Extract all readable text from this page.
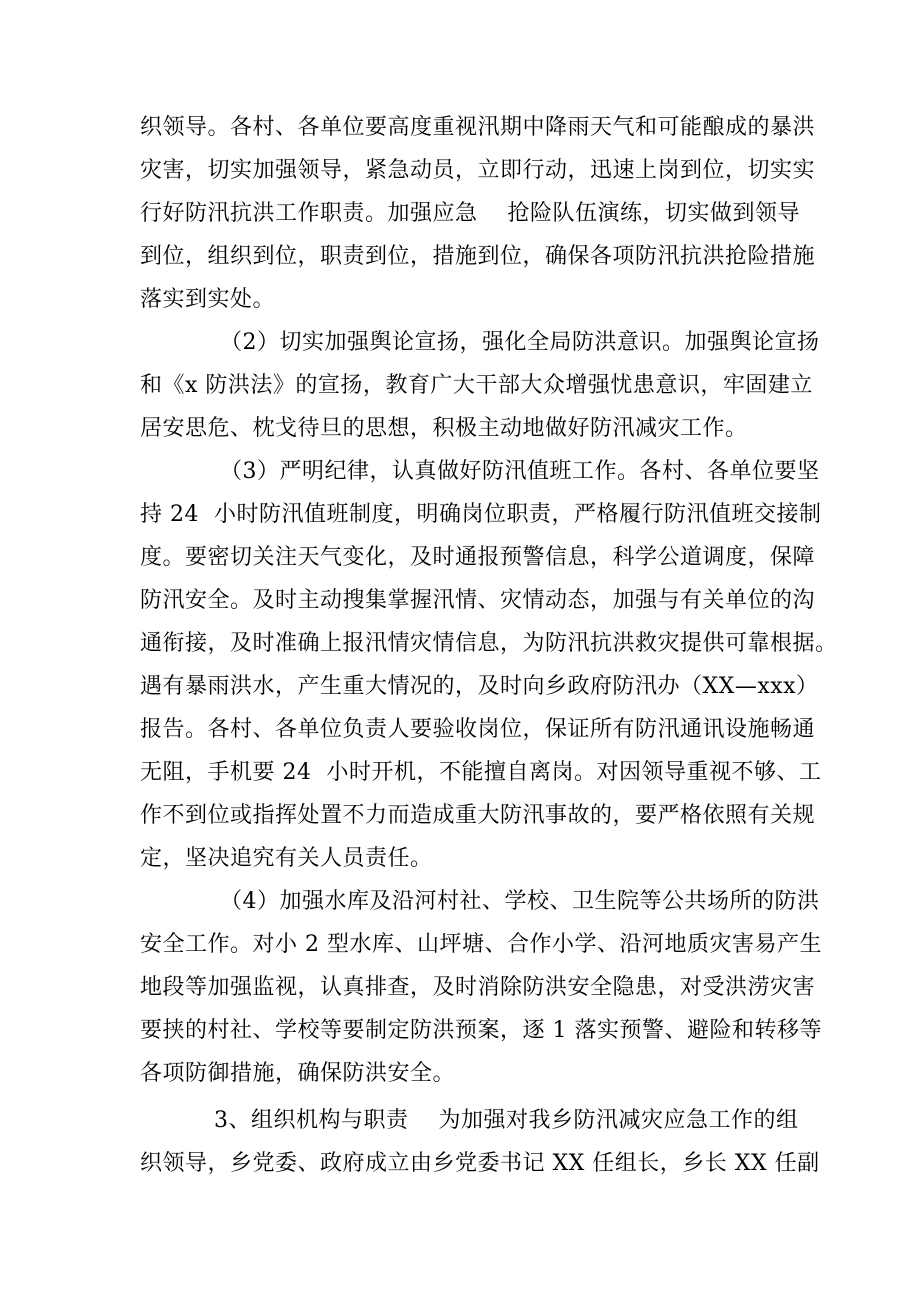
织领导。各村、各单位要高度重视汛期中降雨天气和可能酿成的暴洪
灾害，切实加强领导，紧急动员，立即行动，迅速上岗到位，切实实
行好防汛抗洪工作职责。加强应急    抢险队伍演练，切实做到领导
到位，组织到位，职责到位，措施到位，确保各项防汛抗洪抢险措施
落实到实处。
（2）切实加强舆论宣扬，强化全局防洪意识。加强舆论宣扬
和《x 防洪法》的宣扬，教育广大干部大众增强忧患意识，牢固建立
居安思危、枕戈待旦的思想，积极主动地做好防汛减灾工作。
（3）严明纪律，认真做好防汛值班工作。各村、各单位要坚
持 24  小时防汛值班制度，明确岗位职责，严格履行防汛值班交接制
度。要密切关注天气变化，及时通报预警信息，科学公道调度，保障
防汛安全。及时主动搜集掌握汛情、灾情动态，加强与有关单位的沟
通衔接，及时准确上报汛情灾情信息，为防汛抗洪救灾提供可靠根据。
遇有暴雨洪水，产生重大情况的，及时向乡政府防汛办（XX—xxx）
报告。各村、各单位负责人要验收岗位，保证所有防汛通讯设施畅通
无阻，手机要 24  小时开机，不能擅自离岗。对因领导重视不够、工
作不到位或指挥处置不力而造成重大防汛事故的，要严格依照有关规
定，坚决追究有关人员责任。
（4）加强水库及沿河村社、学校、卫生院等公共场所的防洪
安全工作。对小 2 型水库、山坪塘、合作小学、沿河地质灾害易产生
地段等加强监视，认真排查，及时消除防洪安全隐患，对受洪涝灾害
要挟的村社、学校等要制定防洪预案，逐 1 落实预警、避险和转移等
各项防御措施，确保防洪安全。
3、组织机构与职责    为加强对我乡防汛减灾应急工作的组
织领导，乡党委、政府成立由乡党委书记 XX 任组长，乡长 XX 任副
